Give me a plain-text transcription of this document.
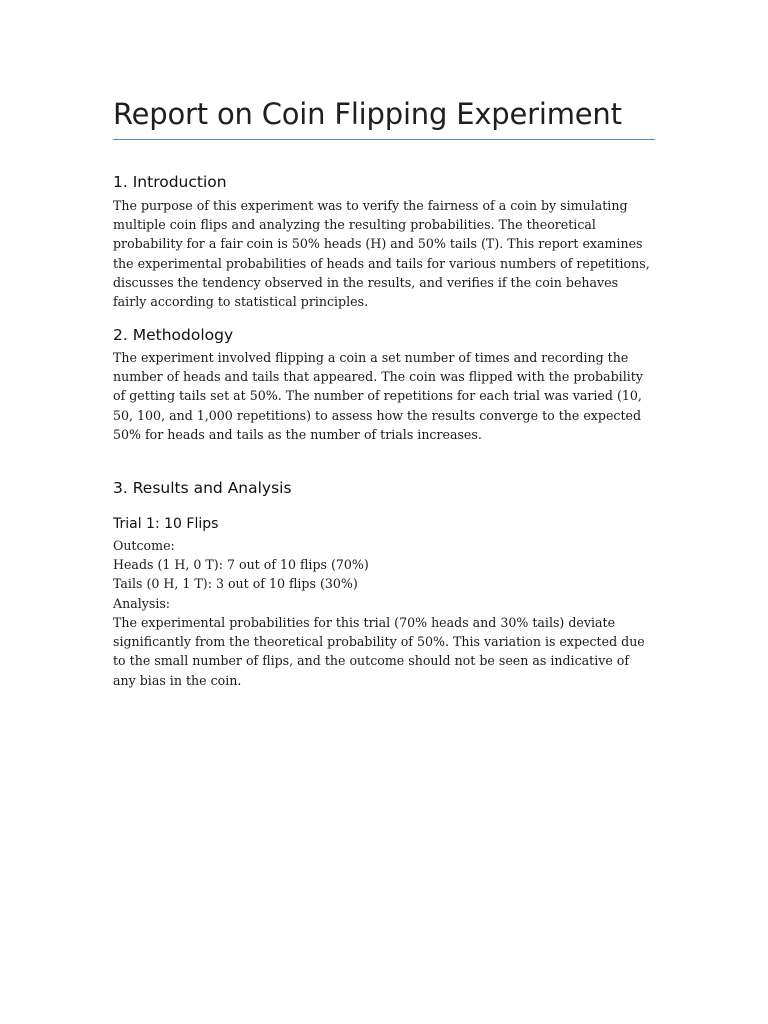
Report on Coin Flipping Experiment
1. Introduction

The purpose of this experiment was to verify the fairness of a coin by simulating multiple coin flips and analyzing the resulting probabilities. The theoretical probability for a fair coin is 50% heads (H) and 50% tails (T). This report examines the experimental probabilities of heads and tails for various numbers of repetitions, discusses the tendency observed in the results, and verifies if the coin behaves fairly according to statistical principles.

2. Methodology

The experiment involved flipping a coin a set number of times and recording the number of heads and tails that appeared. The coin was flipped with the probability of getting tails set at 50%. The number of repetitions for each trial was varied (10, 50, 100, and 1,000 repetitions) to assess how the results converge to the expected 50% for heads and tails as the number of trials increases.

3. Results and Analysis
Trial 1: 10 Flips

Outcome:

Heads (1 H, 0 T): 7 out of 10 flips (70%)

Tails (0 H, 1 T): 3 out of 10 flips (30%)

Analysis:

The experimental probabilities for this trial (70% heads and 30% tails) deviate significantly from the theoretical probability of 50%. This variation is expected due to the small number of flips, and the outcome should not be seen as indicative of any bias in the coin.
